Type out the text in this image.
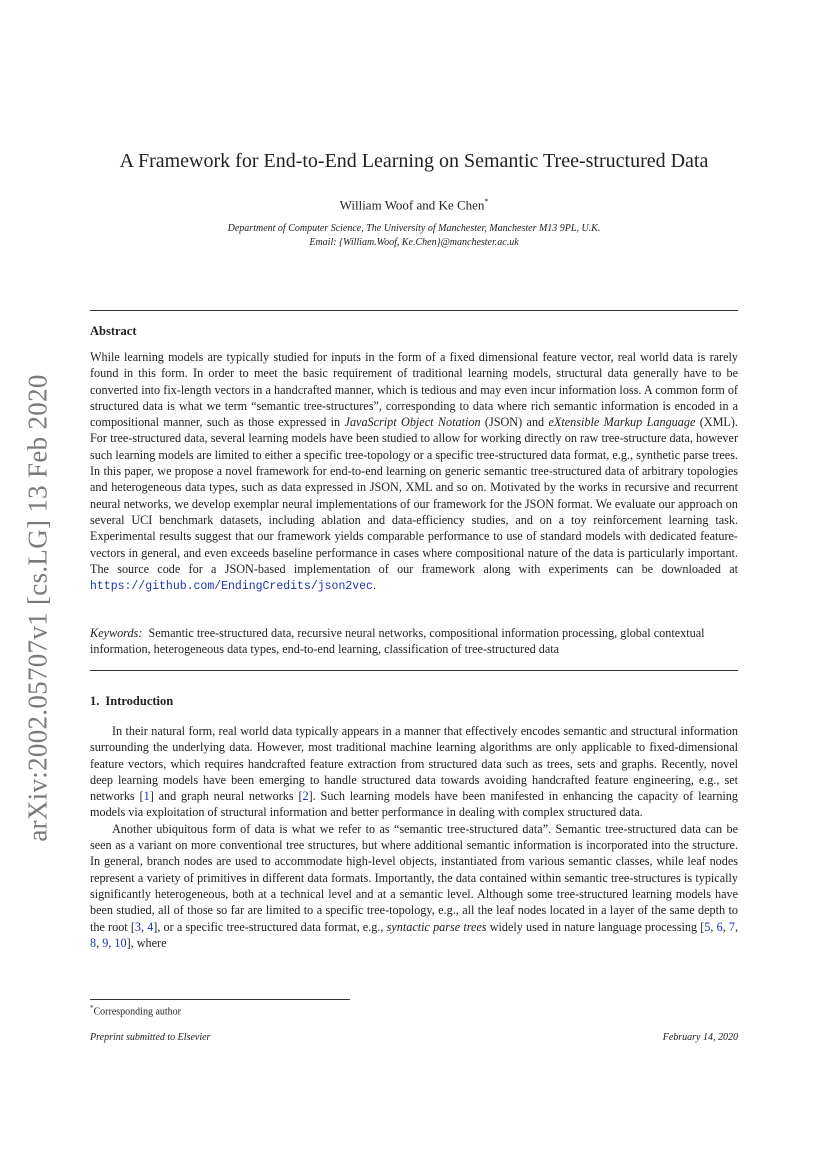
arXiv:2002.05707v1 [cs.LG] 13 Feb 2020
A Framework for End-to-End Learning on Semantic Tree-structured Data
William Woof and Ke Chen*
Department of Computer Science, The University of Manchester, Manchester M13 9PL, U.K.
Email: {William.Woof, Ke.Chen}@manchester.ac.uk
Abstract
While learning models are typically studied for inputs in the form of a fixed dimensional feature vector, real world data is rarely found in this form. In order to meet the basic requirement of traditional learning models, structural data generally have to be converted into fix-length vectors in a handcrafted manner, which is tedious and may even incur information loss. A common form of structured data is what we term “semantic tree-structures”, corresponding to data where rich semantic information is encoded in a compositional manner, such as those expressed in JavaScript Object Notation (JSON) and eXtensible Markup Language (XML). For tree-structured data, several learning models have been studied to allow for working directly on raw tree-structure data, however such learning models are limited to either a specific tree-topology or a specific tree-structured data format, e.g., synthetic parse trees. In this paper, we propose a novel framework for end-to-end learning on generic semantic tree-structured data of arbitrary topologies and heterogeneous data types, such as data expressed in JSON, XML and so on. Motivated by the works in recursive and recurrent neural networks, we develop exemplar neural implementations of our framework for the JSON format. We evaluate our approach on several UCI benchmark datasets, including ablation and data-efficiency studies, and on a toy reinforcement learning task. Experimental results suggest that our framework yields comparable performance to use of standard models with dedicated feature-vectors in general, and even exceeds baseline performance in cases where compositional nature of the data is particularly important. The source code for a JSON-based implementation of our framework along with experiments can be downloaded at https://github.com/EndingCredits/json2vec.
Keywords: Semantic tree-structured data, recursive neural networks, compositional information processing, global contextual information, heterogeneous data types, end-to-end learning, classification of tree-structured data
1. Introduction

In their natural form, real world data typically appears in a manner that effectively encodes semantic and structural information surrounding the underlying data. However, most traditional machine learning algorithms are only applicable to fixed-dimensional feature vectors, which requires handcrafted feature extraction from structured data such as trees, sets and graphs. Recently, novel deep learning models have been emerging to handle structured data towards avoiding handcrafted feature engineering, e.g., set networks [1] and graph neural networks [2]. Such learning models have been manifested in enhancing the capacity of learning models via exploitation of structural information and better performance in dealing with complex structured data.

Another ubiquitous form of data is what we refer to as “semantic tree-structured data”. Semantic tree-structured data can be seen as a variant on more conventional tree structures, but where additional semantic information is incorporated into the structure. In general, branch nodes are used to accommodate high-level objects, instantiated from various semantic classes, while leaf nodes represent a variety of primitives in different data formats. Importantly, the data contained within semantic tree-structures is typically significantly heterogeneous, both at a technical level and at a semantic level. Although some tree-structured learning models have been studied, all of those so far are limited to a specific tree-topology, e.g., all the leaf nodes located in a layer of the same depth to the root [3, 4], or a specific tree-structured data format, e.g., syntactic parse trees widely used in nature language processing [5, 6, 7, 8, 9, 10], where

*Corresponding author
Preprint submitted to Elsevier	February 14, 2020
